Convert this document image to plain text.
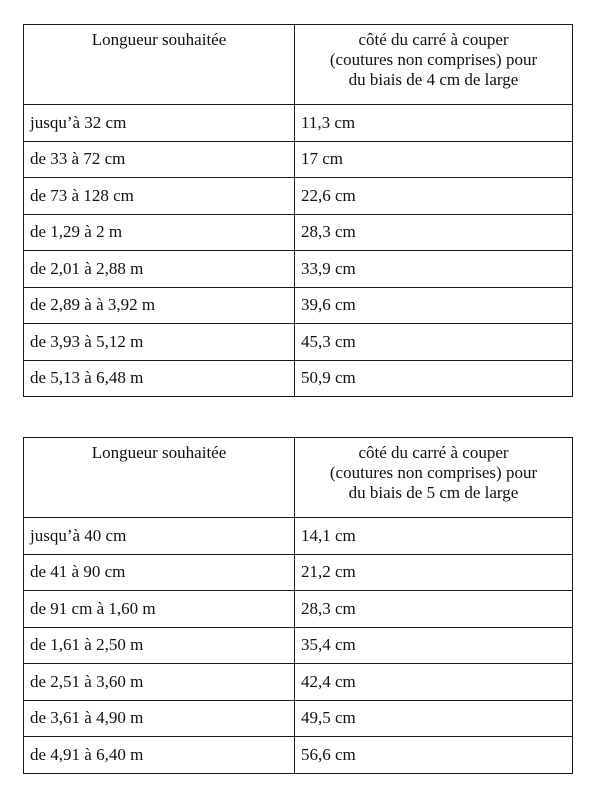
Longueur souhaitée	côté du carré à couper
(coutures non comprises) pour
du biais de 4 cm de large

jusqu’à 32 cm	11,3 cm
de 33 à 72 cm	17 cm
de 73 à 128 cm	22,6 cm
de 1,29 à 2 m	28,3 cm
de 2,01 à 2,88 m	33,9 cm
de 2,89 à à 3,92 m	39,6 cm
de 3,93 à 5,12 m	45,3 cm
de 5,13 à 6,48 m	50,9 cm
Longueur souhaitée	côté du carré à couper
(coutures non comprises) pour
du biais de 5 cm de large

jusqu’à 40 cm	14,1 cm
de 41 à 90 cm	21,2 cm
de 91 cm à 1,60 m	28,3 cm
de 1,61 à 2,50 m	35,4 cm
de 2,51 à 3,60 m	42,4 cm
de 3,61 à 4,90 m	49,5 cm
de 4,91 à 6,40 m	56,6 cm
